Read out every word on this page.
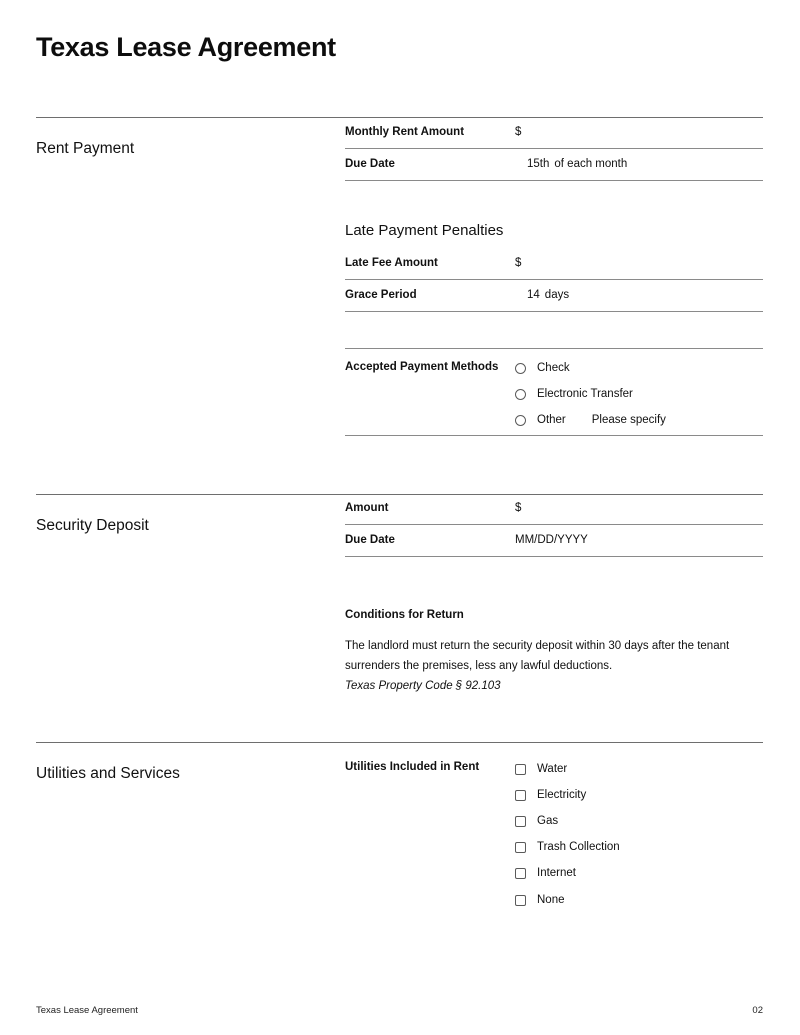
Texas Lease Agreement
Rent Payment
Monthly Rent Amount	$
Due Date	15th of each month
Late Payment Penalties
Late Fee Amount	$
Grace Period	14 days
Accepted Payment Methods	Check
Electronic Transfer
Other Please specify
Security Deposit
Amount	$
Due Date	MM/DD/YYYY
Conditions for Return
The landlord must return the security deposit within 30 days after the tenant surrenders the premises, less any lawful deductions.
Texas Property Code § 92.103
Utilities and Services	Utilities Included in Rent	Water
Electricity
Gas
Trash Collection
Internet
None
Texas Lease Agreement	02
